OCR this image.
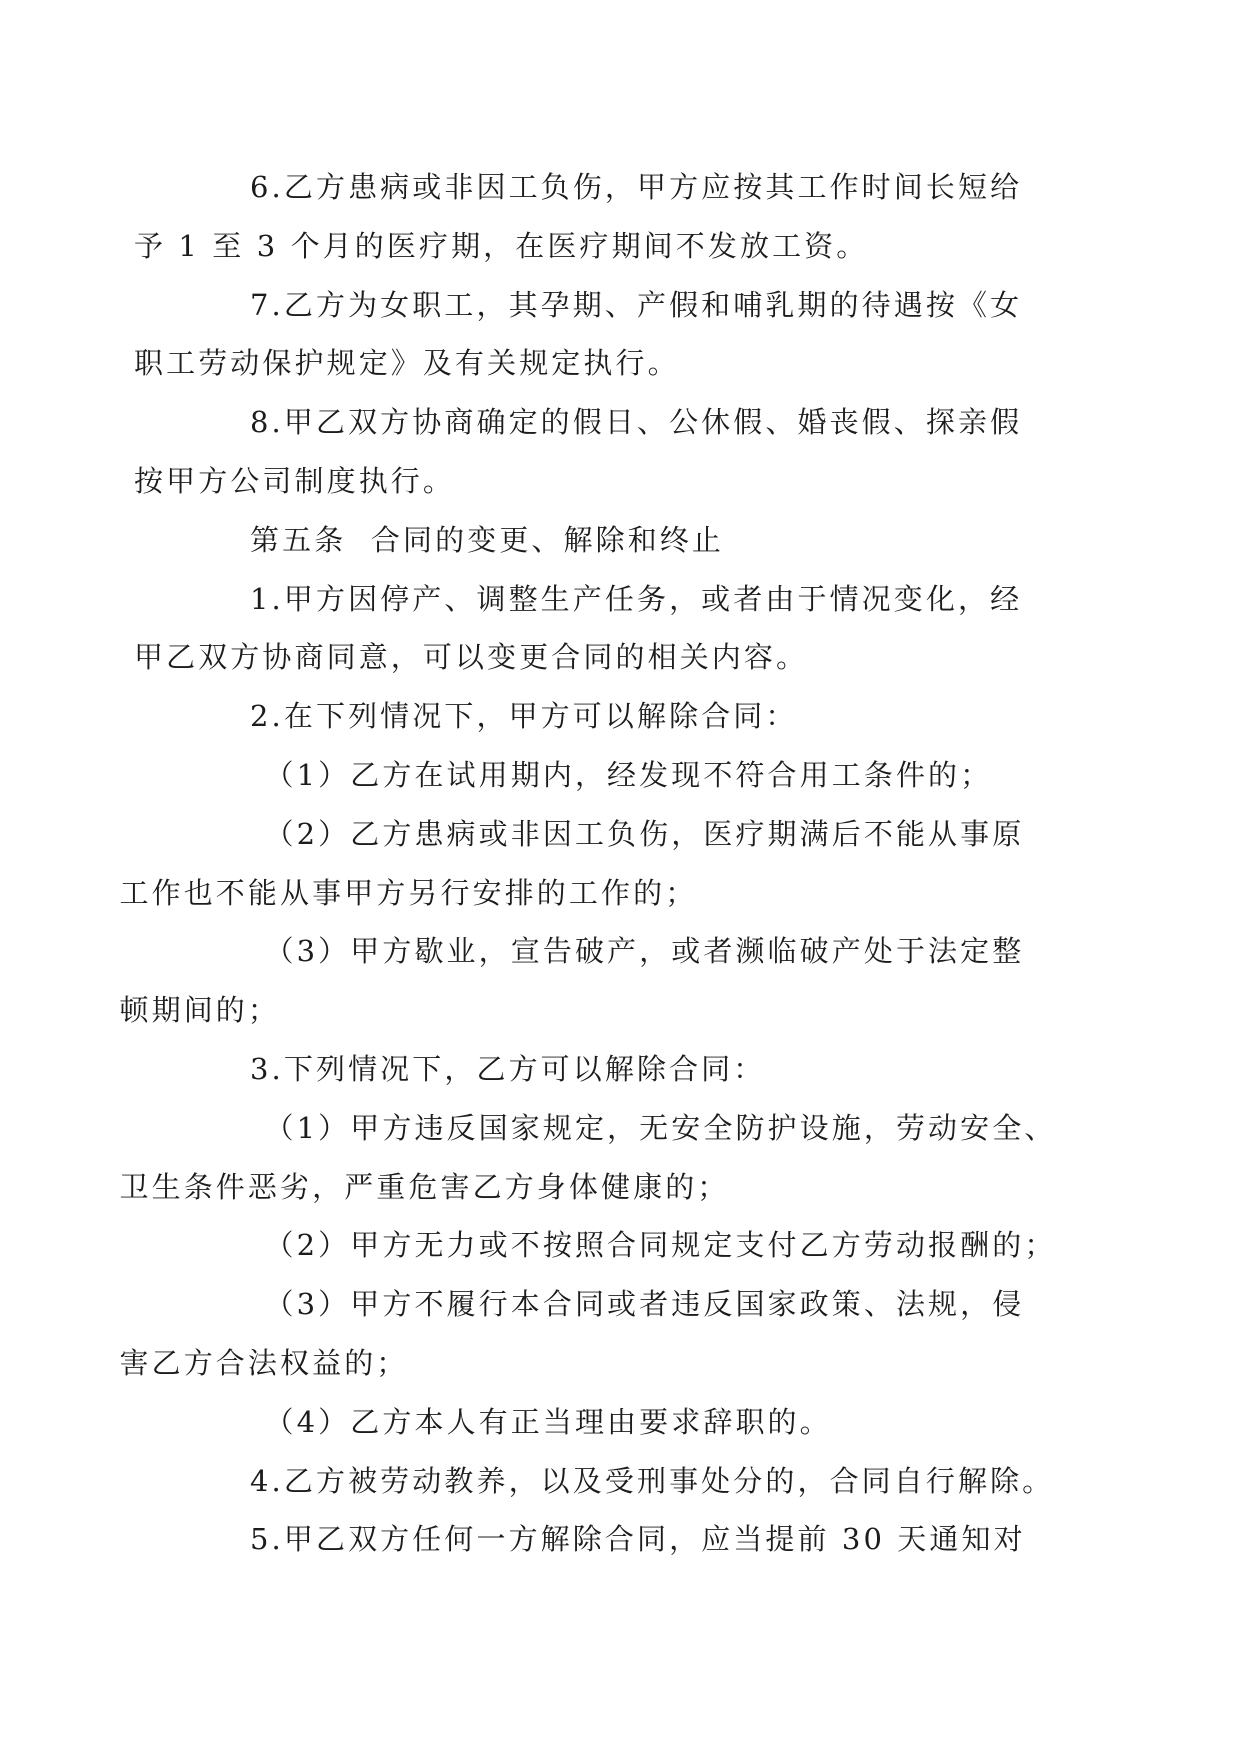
6.乙方患病或非因工负伤，甲方应按其工作时间长短给
予 1 至 3 个月的医疗期，在医疗期间不发放工资。

7.乙方为女职工，其孕期、产假和哺乳期的待遇按《女
职工劳动保护规定》及有关规定执行。

8.甲乙双方协商确定的假日、公休假、婚丧假、探亲假
按甲方公司制度执行。

第五条  合同的变更、解除和终止

1.甲方因停产、调整生产任务，或者由于情况变化，经
甲乙双方协商同意，可以变更合同的相关内容。

2.在下列情况下，甲方可以解除合同：

（1）乙方在试用期内，经发现不符合用工条件的；

（2）乙方患病或非因工负伤，医疗期满后不能从事原
工作也不能从事甲方另行安排的工作的；

（3）甲方歇业，宣告破产，或者濒临破产处于法定整
顿期间的；

3.下列情况下，乙方可以解除合同：

（1）甲方违反国家规定，无安全防护设施，劳动安全、
卫生条件恶劣，严重危害乙方身体健康的；

（2）甲方无力或不按照合同规定支付乙方劳动报酬的；

（3）甲方不履行本合同或者违反国家政策、法规，侵
害乙方合法权益的；

（4）乙方本人有正当理由要求辞职的。

4.乙方被劳动教养，以及受刑事处分的，合同自行解除。

5.甲乙双方任何一方解除合同，应当提前 30 天通知对
